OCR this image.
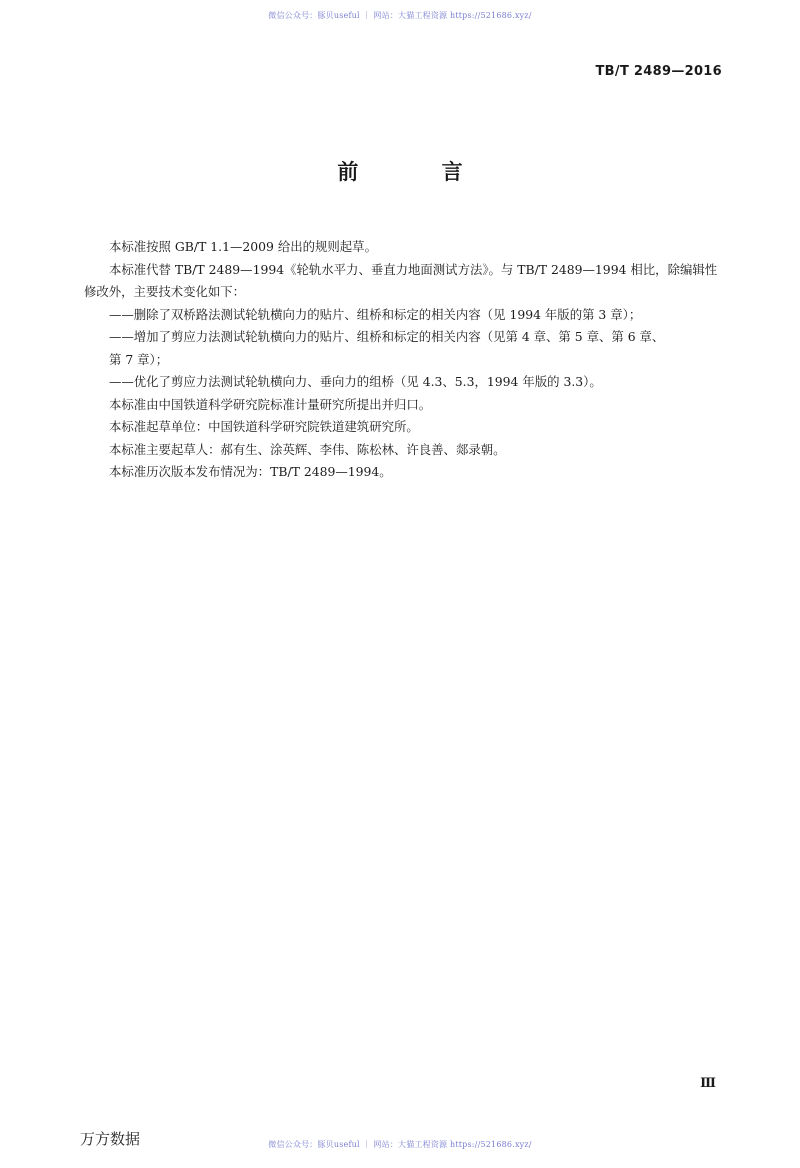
微信公众号：豚贝useful ｜ 网站：大猫工程资源 https://521686.xyz/
TB/T 2489—2016
前 言

本标准按照 GB/T 1.1—2009 给出的规则起草。

本标准代替 TB/T 2489—1994《轮轨水平力、垂直力地面测试方法》。与 TB/T 2489—1994 相比，除编辑性修改外，主要技术变化如下：

——删除了双桥路法测试轮轨横向力的贴片、组桥和标定的相关内容（见 1994 年版的第 3 章）；

——增加了剪应力法测试轮轨横向力的贴片、组桥和标定的相关内容（见第 4 章、第 5 章、第 6 章、

第 7 章）；

——优化了剪应力法测试轮轨横向力、垂向力的组桥（见 4.3、5.3，1994 年版的 3.3）。

本标准由中国铁道科学研究院标准计量研究所提出并归口。

本标准起草单位：中国铁道科学研究院铁道建筑研究所。

本标准主要起草人：郝有生、涂英辉、李伟、陈松林、许良善、郯录朝。

本标准历次版本发布情况为：TB/T 2489—1994。

Ⅲ
万方数据	微信公众号：豚贝useful ｜ 网站：大猫工程资源 https://521686.xyz/
